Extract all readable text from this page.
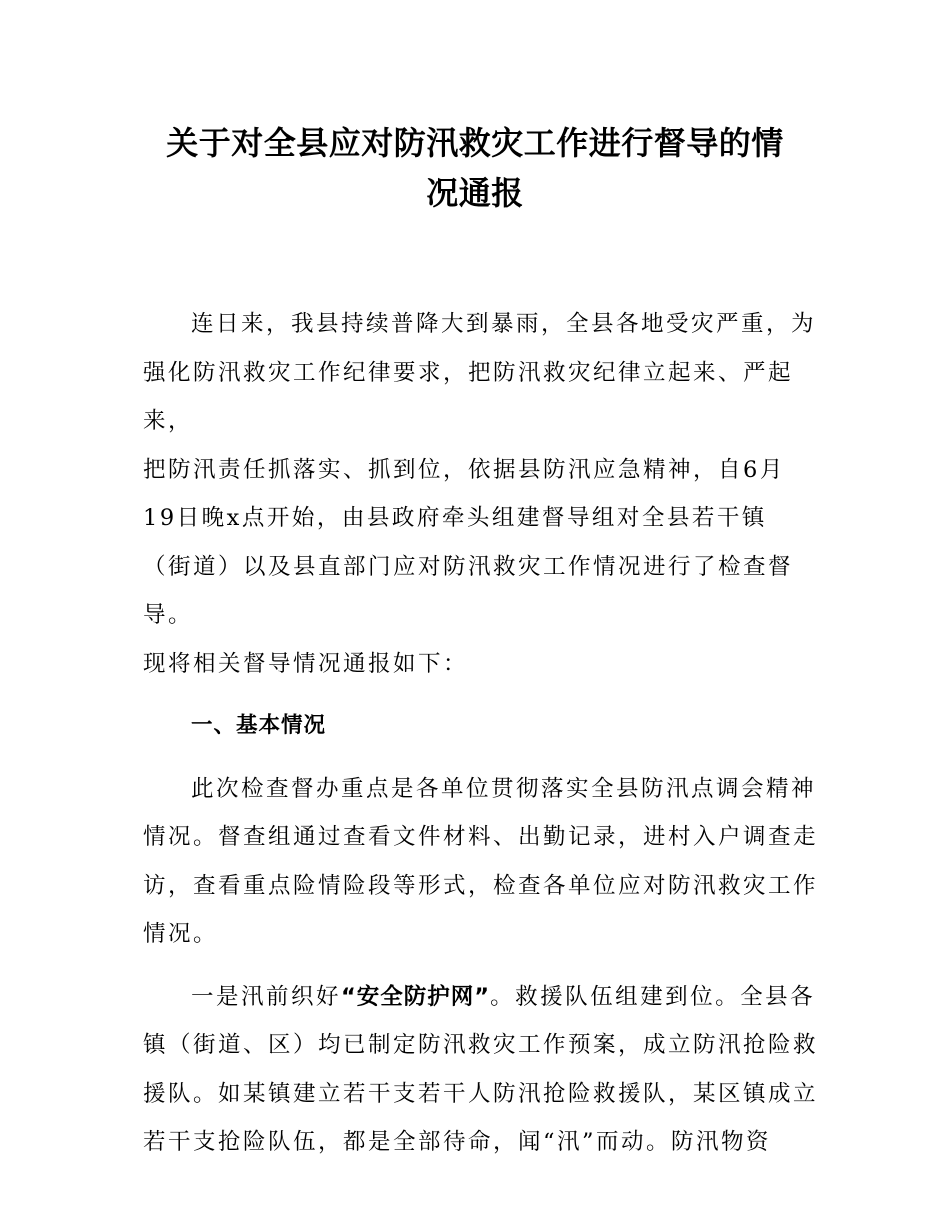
关于对全县应对防汛救灾工作进行督导的情
况通报

连日来，我县持续普降大到暴雨，全县各地受灾严重，为
强化防汛救灾工作纪律要求，把防汛救灾纪律立起来、严起来，
把防汛责任抓落实、抓到位，依据县防汛应急精神，自6月
19日晚x点开始，由县政府牵头组建督导组对全县若干镇
（街道）以及县直部门应对防汛救灾工作情况进行了检查督导。
现将相关督导情况通报如下：

一、基本情况

此次检查督办重点是各单位贯彻落实全县防汛点调会精神情况。督查组通过查看文件材料、出勤记录，进村入户调查走访，查看重点险情险段等形式，检查各单位应对防汛救灾工作情况。

一是汛前织好“安全防护网”。救援队伍组建到位。全县各镇（街道、区）均已制定防汛救灾工作预案，成立防汛抢险救援队。如某镇建立若干支若干人防汛抢险救援队，某区镇成立若干支抢险队伍，都是全部待命，闻“汛”而动。防汛物资
